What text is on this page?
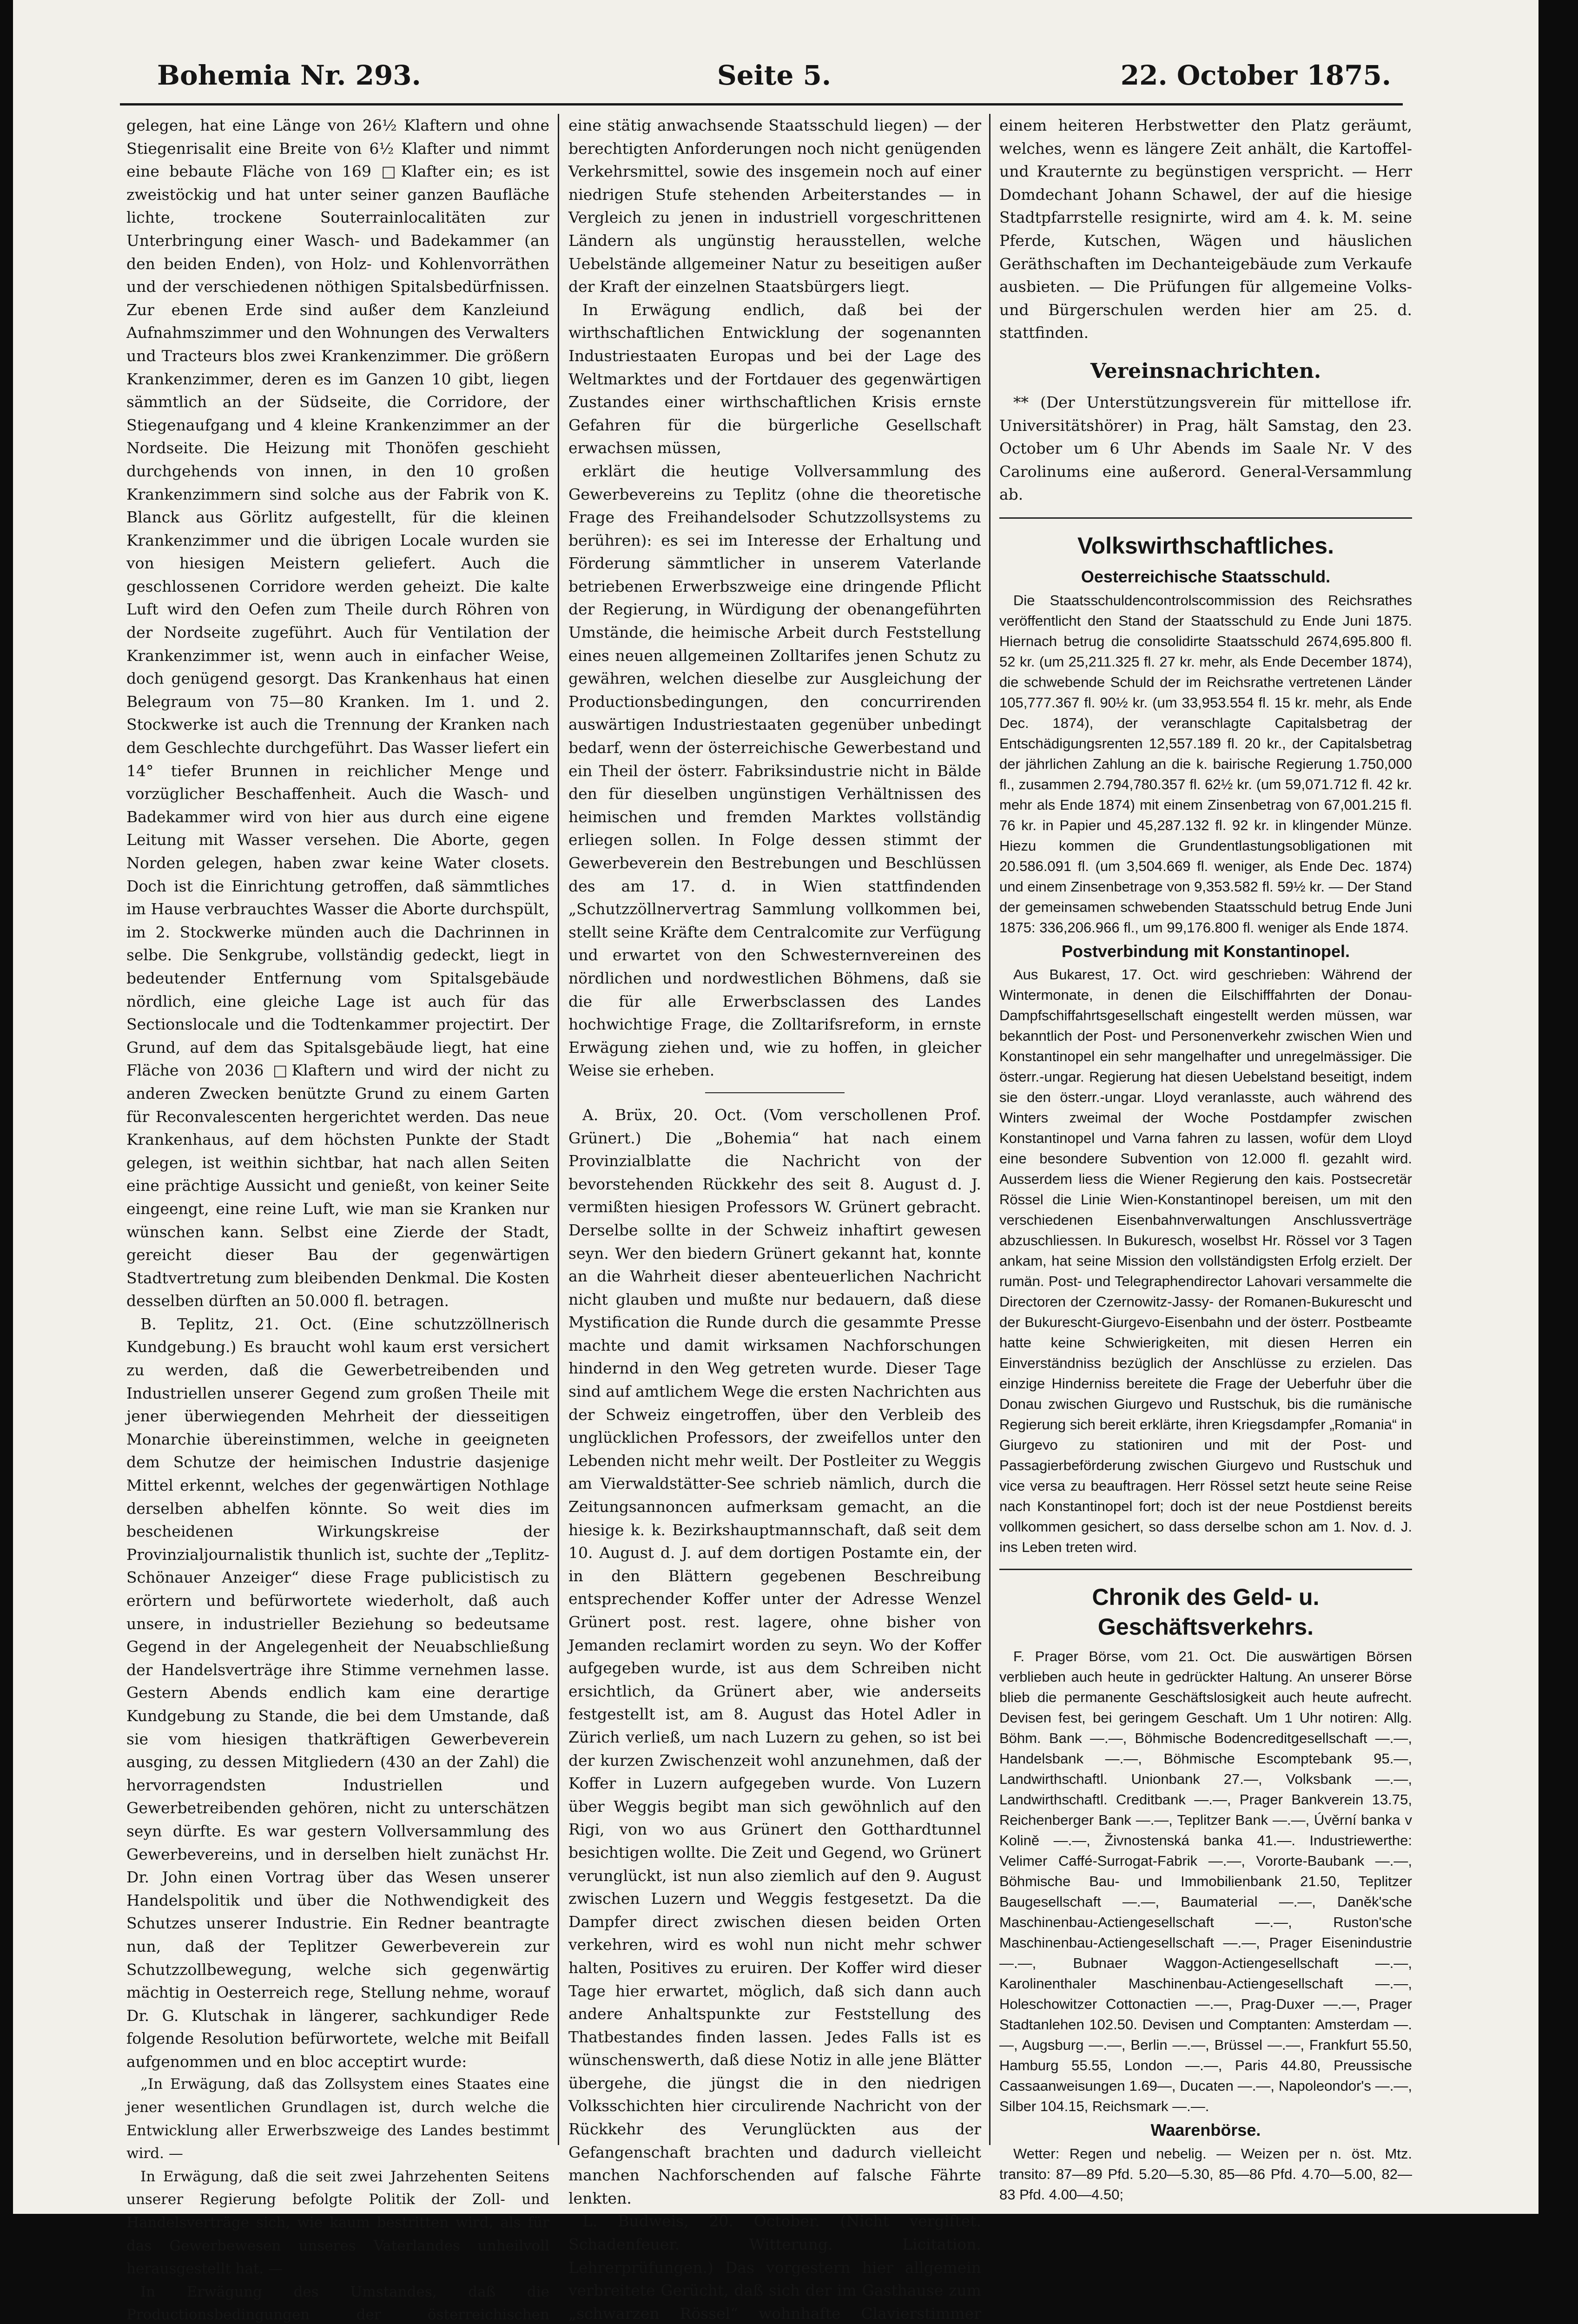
Bohemia Nr. 293.	Seite 5.	22. October 1875.

gelegen, hat eine Länge von 26½ Klaftern und ohne Stiegenrisalit eine Breite von 6½ Klafter und nimmt eine bebaute Fläche von 169 □Klafter ein; es ist zweistöckig und hat unter seiner ganzen Baufläche lichte, trockene Souterrainlocalitäten zur Unterbringung einer Wasch- und Badekammer (an den beiden Enden), von Holz- und Kohlenvorräthen und der verschiedenen nöthigen Spitalsbedürfnissen. Zur ebenen Erde sind außer dem Kanzleiund Aufnahmszimmer und den Wohnungen des Verwalters und Tracteurs blos zwei Krankenzimmer. Die größern Krankenzimmer, deren es im Ganzen 10 gibt, liegen sämmtlich an der Südseite, die Corridore, der Stiegenaufgang und 4 kleine Krankenzimmer an der Nordseite. Die Heizung mit Thonöfen geschieht durchgehends von innen, in den 10 großen Krankenzimmern sind solche aus der Fabrik von K. Blanck aus Görlitz aufgestellt, für die kleinen Krankenzimmer und die übrigen Locale wurden sie von hiesigen Meistern geliefert. Auch die geschlossenen Corridore werden geheizt. Die kalte Luft wird den Oefen zum Theile durch Röhren von der Nordseite zugeführt. Auch für Ventilation der Krankenzimmer ist, wenn auch in einfacher Weise, doch genügend gesorgt. Das Krankenhaus hat einen Belegraum von 75—80 Kranken. Im 1. und 2. Stockwerke ist auch die Trennung der Kranken nach dem Geschlechte durchgeführt. Das Wasser liefert ein 14° tiefer Brunnen in reichlicher Menge und vorzüglicher Beschaffenheit. Auch die Wasch- und Badekammer wird von hier aus durch eine eigene Leitung mit Wasser versehen. Die Aborte, gegen Norden gelegen, haben zwar keine Water closets. Doch ist die Einrichtung getroffen, daß sämmtliches im Hause verbrauchtes Wasser die Aborte durchspült, im 2. Stockwerke münden auch die Dachrinnen in selbe. Die Senkgrube, vollständig gedeckt, liegt in bedeutender Entfernung vom Spitalsgebäude nördlich, eine gleiche Lage ist auch für das Sectionslocale und die Todtenkammer projectirt. Der Grund, auf dem das Spitalsgebäude liegt, hat eine Fläche von 2036 □Klaftern und wird der nicht zu anderen Zwecken benützte Grund zu einem Garten für Reconvalescenten hergerichtet werden. Das neue Krankenhaus, auf dem höchsten Punkte der Stadt gelegen, ist weithin sichtbar, hat nach allen Seiten eine prächtige Aussicht und genießt, von keiner Seite eingeengt, eine reine Luft, wie man sie Kranken nur wünschen kann. Selbst eine Zierde der Stadt, gereicht dieser Bau der gegenwärtigen Stadtvertretung zum bleibenden Denkmal. Die Kosten desselben dürften an 50.000 fl. betragen.

B. Teplitz, 21. Oct. (Eine schutzzöllnerisch Kundgebung.) Es braucht wohl kaum erst versichert zu werden, daß die Gewerbetreibenden und Industriellen unserer Gegend zum großen Theile mit jener überwiegenden Mehrheit der diesseitigen Monarchie übereinstimmen, welche in geeigneten dem Schutze der heimischen Industrie dasjenige Mittel erkennt, welches der gegenwärtigen Nothlage derselben abhelfen könnte. So weit dies im bescheidenen Wirkungskreise der Provinzialjournalistik thunlich ist, suchte der „Teplitz-Schönauer Anzeiger“ diese Frage publicistisch zu erörtern und befürwortete wiederholt, daß auch unsere, in industrieller Beziehung so bedeutsame Gegend in der Angelegenheit der Neuabschließung der Handelsverträge ihre Stimme vernehmen lasse. Gestern Abends endlich kam eine derartige Kundgebung zu Stande, die bei dem Umstande, daß sie vom hiesigen thatkräftigen Gewerbeverein ausging, zu dessen Mitgliedern (430 an der Zahl) die hervorragendsten Industriellen und Gewerbetreibenden gehören, nicht zu unterschätzen seyn dürfte. Es war gestern Vollversammlung des Gewerbevereins, und in derselben hielt zunächst Hr. Dr. John einen Vortrag über das Wesen unserer Handelspolitik und über die Nothwendigkeit des Schutzes unserer Industrie. Ein Redner beantragte nun, daß der Teplitzer Gewerbeverein zur Schutzzollbewegung, welche sich gegenwärtig mächtig in Oesterreich rege, Stellung nehme, worauf Dr. G. Klutschak in längerer, sachkundiger Rede folgende Resolution befürwortete, welche mit Beifall aufgenommen und en bloc acceptirt wurde:

„In Erwägung, daß das Zollsystem eines Staates eine jener wesentlichen Grundlagen ist, durch welche die Entwicklung aller Erwerbszweige des Landes bestimmt wird. —

In Erwägung, daß die seit zwei Jahrzehenten Seitens unserer Regierung befolgte Politik der Zoll- und Handelsverträge sich, wie kaum bestritten wird, als für das Gewerbewesen unseres Vaterlandes unheilvoll herausgestellt hat. —

In Erwägung des Umstandes, daß die Productionsbedingungen der österreichischen

eine stätig anwachsende Staatsschuld liegen) — der berechtigten Anforderungen noch nicht genügenden Verkehrsmittel, sowie des insgemein noch auf einer niedrigen Stufe stehenden Arbeiterstandes — in Vergleich zu jenen in industriell vorgeschrittenen Ländern als ungünstig herausstellen, welche Uebelstände allgemeiner Natur zu beseitigen außer der Kraft der einzelnen Staatsbürgers liegt.

In Erwägung endlich, daß bei der wirthschaftlichen Entwicklung der sogenannten Industriestaaten Europas und bei der Lage des Weltmarktes und der Fortdauer des gegenwärtigen Zustandes einer wirthschaftlichen Krisis ernste Gefahren für die bürgerliche Gesellschaft erwachsen müssen,

erklärt die heutige Vollversammlung des Gewerbevereins zu Teplitz (ohne die theoretische Frage des Freihandelsoder Schutzzollsystems zu berühren): es sei im Interesse der Erhaltung und Förderung sämmtlicher in unserem Vaterlande betriebenen Erwerbszweige eine dringende Pflicht der Regierung, in Würdigung der obenangeführten Umstände, die heimische Arbeit durch Feststellung eines neuen allgemeinen Zolltarifes jenen Schutz zu gewähren, welchen dieselbe zur Ausgleichung der Productionsbedingungen, den concurrirenden auswärtigen Industriestaaten gegenüber unbedingt bedarf, wenn der österreichische Gewerbestand und ein Theil der österr. Fabriksindustrie nicht in Bälde den für dieselben ungünstigen Verhältnissen des heimischen und fremden Marktes vollständig erliegen sollen. In Folge dessen stimmt der Gewerbeverein den Bestrebungen und Beschlüssen des am 17. d. in Wien stattfindenden „Schutzzöllnervertrag Sammlung vollkommen bei, stellt seine Kräfte dem Centralcomite zur Verfügung und erwartet von den Schwesternvereinen des nördlichen und nordwestlichen Böhmens, daß sie die für alle Erwerbsclassen des Landes hochwichtige Frage, die Zolltarifsreform, in ernste Erwägung ziehen und, wie zu hoffen, in gleicher Weise sie erheben.

A. Brüx, 20. Oct. (Vom verschollenen Prof. Grünert.) Die „Bohemia“ hat nach einem Provinzialblatte die Nachricht von der bevorstehenden Rückkehr des seit 8. August d. J. vermißten hiesigen Professors W. Grünert gebracht. Derselbe sollte in der Schweiz inhaftirt gewesen seyn. Wer den biedern Grünert gekannt hat, konnte an die Wahrheit dieser abenteuerlichen Nachricht nicht glauben und mußte nur bedauern, daß diese Mystification die Runde durch die gesammte Presse machte und damit wirksamen Nachforschungen hindernd in den Weg getreten wurde. Dieser Tage sind auf amtlichem Wege die ersten Nachrichten aus der Schweiz eingetroffen, über den Verbleib des unglücklichen Professors, der zweifellos unter den Lebenden nicht mehr weilt. Der Postleiter zu Weggis am Vierwaldstätter-See schrieb nämlich, durch die Zeitungsannoncen aufmerksam gemacht, an die hiesige k. k. Bezirkshauptmannschaft, daß seit dem 10. August d. J. auf dem dortigen Postamte ein, der in den Blättern gegebenen Beschreibung entsprechender Koffer unter der Adresse Wenzel Grünert post. rest. lagere, ohne bisher von Jemanden reclamirt worden zu seyn. Wo der Koffer aufgegeben wurde, ist aus dem Schreiben nicht ersichtlich, da Grünert aber, wie anderseits festgestellt ist, am 8. August das Hotel Adler in Zürich verließ, um nach Luzern zu gehen, so ist bei der kurzen Zwischenzeit wohl anzunehmen, daß der Koffer in Luzern aufgegeben wurde. Von Luzern über Weggis begibt man sich gewöhnlich auf den Rigi, von wo aus Grünert den Gotthardtunnel besichtigen wollte. Die Zeit und Gegend, wo Grünert verunglückt, ist nun also ziemlich auf den 9. August zwischen Luzern und Weggis festgesetzt. Da die Dampfer direct zwischen diesen beiden Orten verkehren, wird es wohl nun nicht mehr schwer halten, Positives zu eruiren. Der Koffer wird dieser Tage hier erwartet, möglich, daß sich dann auch andere Anhaltspunkte zur Feststellung des Thatbestandes finden lassen. Jedes Falls ist es wünschenswerth, daß diese Notiz in alle jene Blätter übergehe, die jüngst die in den niedrigen Volksschichten hier circulirende Nachricht von der Rückkehr des Verunglückten aus der Gefangenschaft brachten und dadurch vielleicht manchen Nachforschenden auf falsche Fährte lenkten.

L. Budweis, 20. October. (Nicht vergiftet. Schadenfeuer. Witterung. Licitation. Lehrerprüfungen.) Das vorgestern hier allgemein verbreitete Gerücht, daß sich der im Gasthause zum „schwarzen Rössel“ wohnhafte Clavierstimmer

einem heiteren Herbstwetter den Platz geräumt, welches, wenn es längere Zeit anhält, die Kartoffel- und Krauternte zu begünstigen verspricht. — Herr Domdechant Johann Schawel, der auf die hiesige Stadtpfarrstelle resignirte, wird am 4. k. M. seine Pferde, Kutschen, Wägen und häuslichen Geräthschaften im Dechanteigebäude zum Verkaufe ausbieten. — Die Prüfungen für allgemeine Volks- und Bürgerschulen werden hier am 25. d. stattfinden.

Vereinsnachrichten.

** (Der Unterstützungsverein für mittellose ifr. Universitätshörer) in Prag, hält Samstag, den 23. October um 6 Uhr Abends im Saale Nr. V des Carolinums eine außerord. General-Versammlung ab.

Volkswirthschaftliches.
Oesterreichische Staatsschuld.

Die Staatsschuldencontrolscommission des Reichsrathes veröffentlicht den Stand der Staatsschuld zu Ende Juni 1875. Hiernach betrug die consolidirte Staatsschuld 2674,695.800 fl. 52 kr. (um 25,211.325 fl. 27 kr. mehr, als Ende December 1874), die schwebende Schuld der im Reichsrathe vertretenen Länder 105,777.367 fl. 90½ kr. (um 33,953.554 fl. 15 kr. mehr, als Ende Dec. 1874), der veranschlagte Capitalsbetrag der Entschädigungsrenten 12,557.189 fl. 20 kr., der Capitalsbetrag der jährlichen Zahlung an die k. bairische Regierung 1.750,000 fl., zusammen 2.794,780.357 fl. 62½ kr. (um 59,071.712 fl. 42 kr. mehr als Ende 1874) mit einem Zinsenbetrag von 67,001.215 fl. 76 kr. in Papier und 45,287.132 fl. 92 kr. in klingender Münze. Hiezu kommen die Grundentlastungsobligationen mit 20.586.091 fl. (um 3,504.669 fl. weniger, als Ende Dec. 1874) und einem Zinsenbetrage von 9,353.582 fl. 59½ kr. — Der Stand der gemeinsamen schwebenden Staatsschuld betrug Ende Juni 1875: 336,206.966 fl., um 99,176.800 fl. weniger als Ende 1874.

Postverbindung mit Konstantinopel.

Aus Bukarest, 17. Oct. wird geschrieben: Während der Wintermonate, in denen die Eilschifffahrten der Donau-Dampfschiffahrtsgesellschaft eingestellt werden müssen, war bekanntlich der Post- und Personenverkehr zwischen Wien und Konstantinopel ein sehr mangelhafter und unregelmässiger. Die österr.-ungar. Regierung hat diesen Uebelstand beseitigt, indem sie den österr.-ungar. Lloyd veranlasste, auch während des Winters zweimal der Woche Postdampfer zwischen Konstantinopel und Varna fahren zu lassen, wofür dem Lloyd eine besondere Subvention von 12.000 fl. gezahlt wird. Ausserdem liess die Wiener Regierung den kais. Postsecretär Rössel die Linie Wien-Konstantinopel bereisen, um mit den verschiedenen Eisenbahnverwaltungen Anschlussverträge abzuschliessen. In Bukuresch, woselbst Hr. Rössel vor 3 Tagen ankam, hat seine Mission den vollständigsten Erfolg erzielt. Der rumän. Post- und Telegraphendirector Lahovari versammelte die Directoren der Czernowitz-Jassy- der Romanen-Bukurescht und der Bukurescht-Giurgevo-Eisenbahn und der österr. Postbeamte hatte keine Schwierigkeiten, mit diesen Herren ein Einverständniss bezüglich der Anschlüsse zu erzielen. Das einzige Hinderniss bereitete die Frage der Ueberfuhr über die Donau zwischen Giurgevo und Rustschuk, bis die rumänische Regierung sich bereit erklärte, ihren Kriegsdampfer „Romania“ in Giurgevo zu stationiren und mit der Post- und Passagierbeförderung zwischen Giurgevo und Rustschuk und vice versa zu beauftragen. Herr Rössel setzt heute seine Reise nach Konstantinopel fort; doch ist der neue Postdienst bereits vollkommen gesichert, so dass derselbe schon am 1. Nov. d. J. ins Leben treten wird.

Chronik des Geld- u. Geschäftsverkehrs.

F. Prager Börse, vom 21. Oct. Die auswärtigen Börsen verblieben auch heute in gedrückter Haltung. An unserer Börse blieb die permanente Geschäftslosigkeit auch heute aufrecht. Devisen fest, bei geringem Geschaft. Um 1 Uhr notiren: Allg. Böhm. Bank —.—, Böhmische Bodencreditgesellschaft —.—, Handelsbank —.—, Böhmische Escomptebank 95.—, Landwirthschaftl. Unionbank 27.—, Volksbank —.—, Landwirthschaftl. Creditbank —.—, Prager Bankverein 13.75, Reichenberger Bank —.—, Teplitzer Bank —.—, Úvěrní banka v Kolině —.—, Živnostenská banka 41.—. Industriewerthe: Velimer Caffé-Surrogat-Fabrik —.—, Vororte-Baubank —.—, Böhmische Bau- und Immobilienbank 21.50, Teplitzer Baugesellschaft —.—, Baumaterial —.—, Daněk'sche Maschinenbau-Actiengesellschaft —.—, Ruston'sche Maschinenbau-Actiengesellschaft —.—, Prager Eisenindustrie —.—, Bubnaer Waggon-Actiengesellschaft —.—, Karolinenthaler Maschinenbau-Actiengesellschaft —.—, Holeschowitzer Cottonactien —.—, Prag-Duxer —.—, Prager Stadtanlehen 102.50. Devisen und Comptanten: Amsterdam —.—, Augsburg —.—, Berlin —.—, Brüssel —.—, Frankfurt 55.50, Hamburg 55.55, London —.—, Paris 44.80, Preussische Cassaanweisungen 1.69—, Ducaten —.—, Napoleondor's —.—, Silber 104.15, Reichsmark —.—.

Waarenbörse.

Wetter: Regen und nebelig. — Weizen per n. öst. Mtz. transito: 87—89 Pfd. 5.20—5.30, 85—86 Pfd. 4.70—5.00, 82—83 Pfd. 4.00—4.50;
